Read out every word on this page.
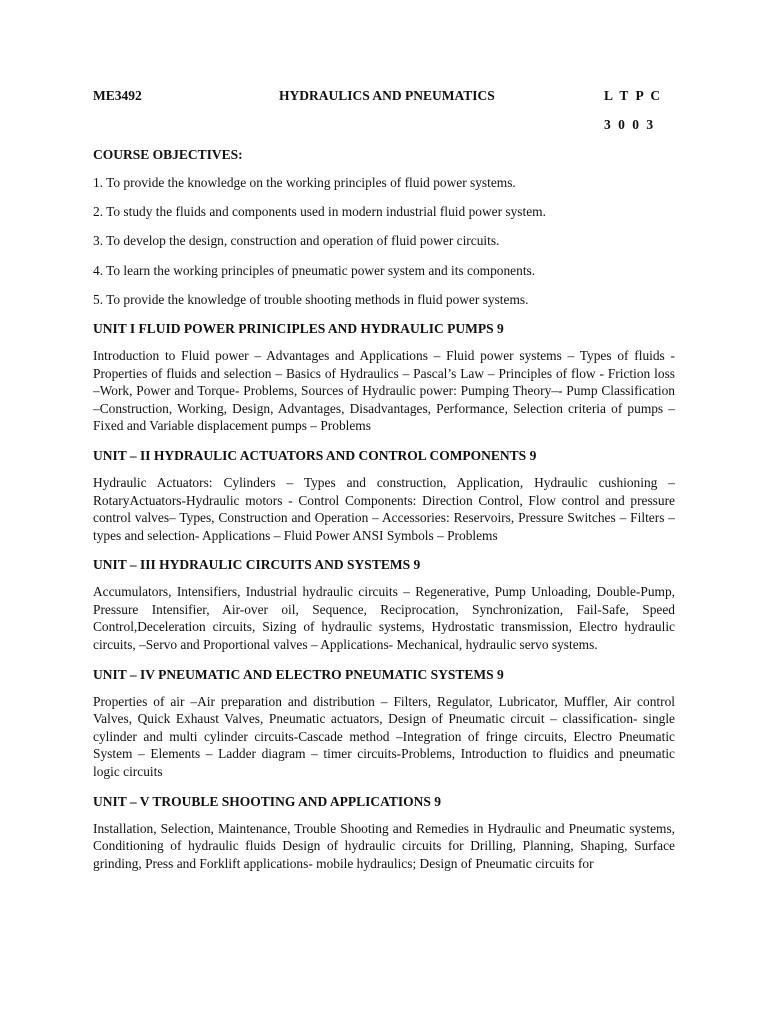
ME3492	HYDRAULICS AND PNEUMATICS	L T P C
3 0 0 3
COURSE OBJECTIVES:

1. To provide the knowledge on the working principles of fluid power systems.

2. To study the fluids and components used in modern industrial fluid power system.

3. To develop the design, construction and operation of fluid power circuits.

4. To learn the working principles of pneumatic power system and its components.

5. To provide the knowledge of trouble shooting methods in fluid power systems.

UNIT I FLUID POWER PRINICIPLES AND HYDRAULIC PUMPS 9

Introduction to Fluid power – Advantages and Applications – Fluid power systems – Types of fluids - Properties of fluids and selection – Basics of Hydraulics – Pascal’s Law – Principles of flow - Friction loss –Work, Power and Torque- Problems, Sources of Hydraulic power: Pumping Theory–- Pump Classification –Construction, Working, Design, Advantages, Disadvantages, Performance, Selection criteria of pumps –Fixed and Variable displacement pumps – Problems

UNIT – II HYDRAULIC ACTUATORS AND CONTROL COMPONENTS 9

Hydraulic Actuators: Cylinders – Types and construction, Application, Hydraulic cushioning – RotaryActuators-Hydraulic motors - Control Components: Direction Control, Flow control and pressure control valves– Types, Construction and Operation – Accessories: Reservoirs, Pressure Switches – Filters –types and selection- Applications – Fluid Power ANSI Symbols – Problems

UNIT – III HYDRAULIC CIRCUITS AND SYSTEMS 9

Accumulators, Intensifiers, Industrial hydraulic circuits – Regenerative, Pump Unloading, Double-Pump, Pressure Intensifier, Air-over oil, Sequence, Reciprocation, Synchronization, Fail-Safe, Speed Control,Deceleration circuits, Sizing of hydraulic systems, Hydrostatic transmission, Electro hydraulic circuits, –Servo and Proportional valves – Applications- Mechanical, hydraulic servo systems.

UNIT – IV PNEUMATIC AND ELECTRO PNEUMATIC SYSTEMS 9

Properties of air –Air preparation and distribution – Filters, Regulator, Lubricator, Muffler, Air control Valves, Quick Exhaust Valves, Pneumatic actuators, Design of Pneumatic circuit – classification- single cylinder and multi cylinder circuits-Cascade method –Integration of fringe circuits, Electro Pneumatic System – Elements – Ladder diagram – timer circuits-Problems, Introduction to fluidics and pneumatic logic circuits

UNIT – V TROUBLE SHOOTING AND APPLICATIONS 9

Installation, Selection, Maintenance, Trouble Shooting and Remedies in Hydraulic and Pneumatic systems, Conditioning of hydraulic fluids Design of hydraulic circuits for Drilling, Planning, Shaping, Surface grinding, Press and Forklift applications- mobile hydraulics; Design of Pneumatic circuits for
